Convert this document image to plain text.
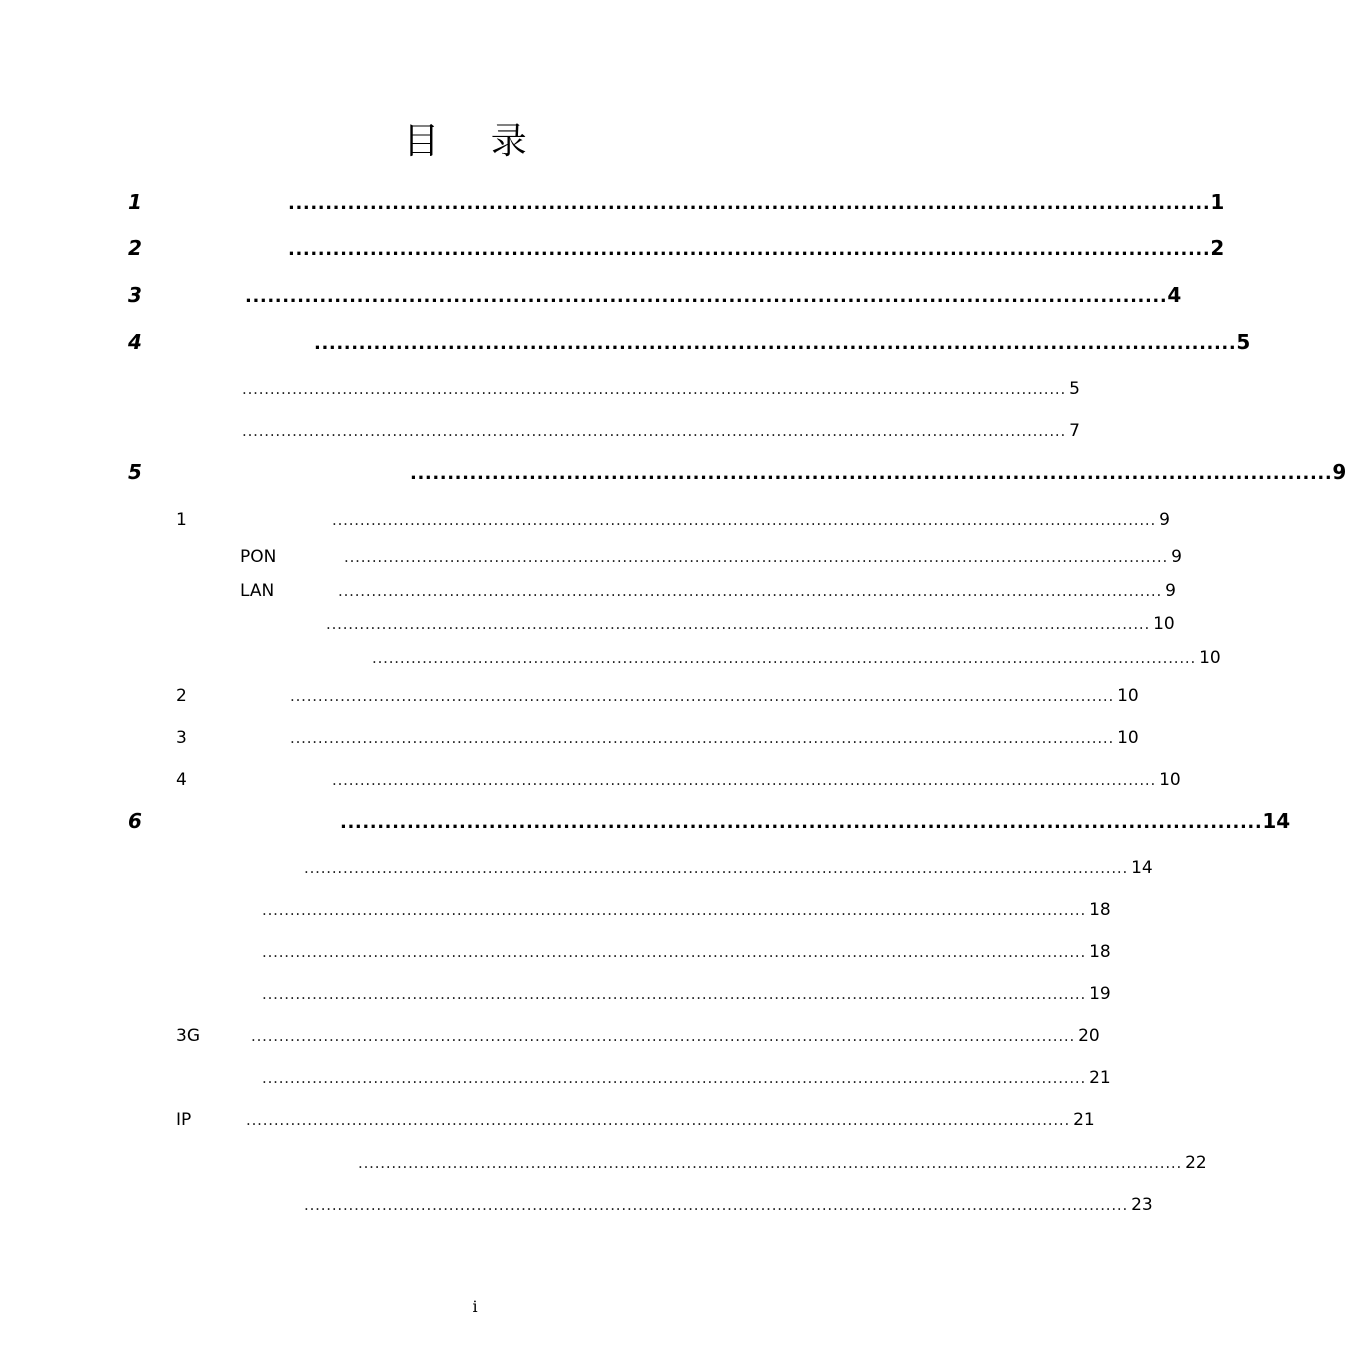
目 录
1	............................................................................................................................ 1
2	............................................................................................................................ 2
3	............................................................................................................................ 4
4	............................................................................................................................ 5
.................................................................................................................................................... 5
.................................................................................................................................................... 7
5	............................................................................................................................ 9
1	.................................................................................................................................................... 9
PON	.................................................................................................................................................... 9
LAN	.................................................................................................................................................... 9
.................................................................................................................................................... 10
.................................................................................................................................................... 10
2	.................................................................................................................................................... 10
3	.................................................................................................................................................... 10
4	.................................................................................................................................................... 10
6	............................................................................................................................ 14
.................................................................................................................................................... 14
.................................................................................................................................................... 18
.................................................................................................................................................... 18
.................................................................................................................................................... 19
3G	.................................................................................................................................................... 20
.................................................................................................................................................... 21
IP	.................................................................................................................................................... 21
.................................................................................................................................................... 22
.................................................................................................................................................... 23
i
